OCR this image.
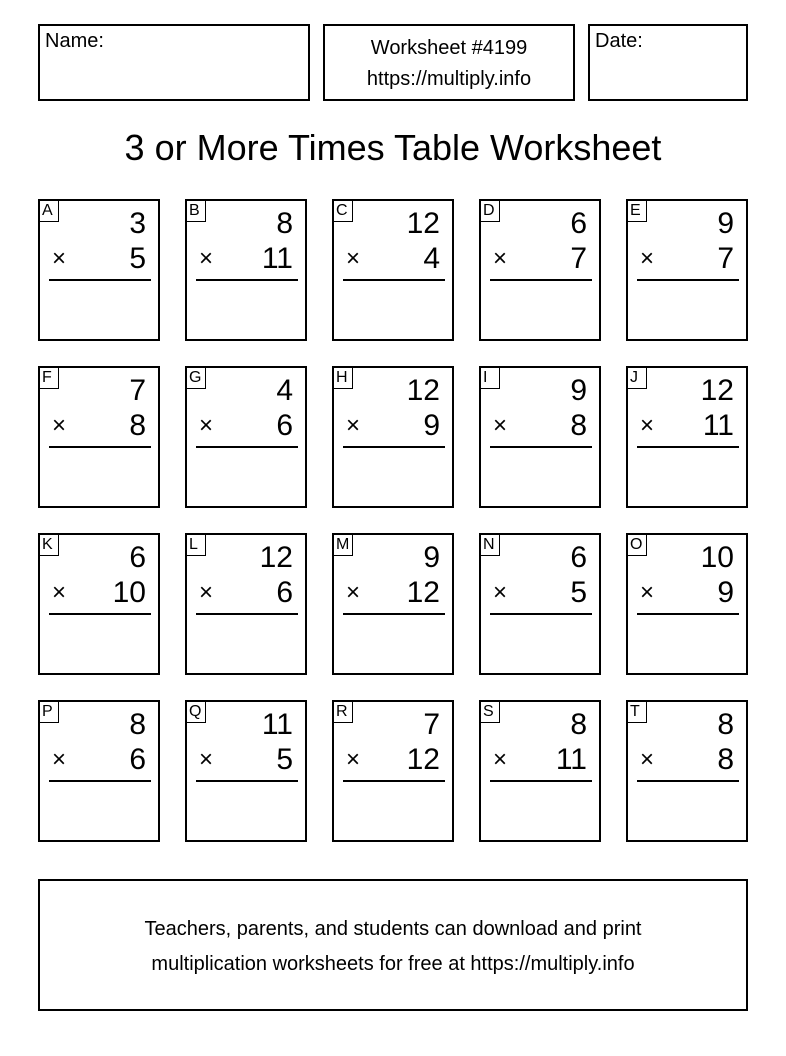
Name:	Worksheet #4199
https://multiply.info
Date:
3 or More Times Table Worksheet
A	3
× 5
B	8
× 11
C 12
× 4
D	6
× 7
E	9
× 7
F	7
× 8
G 4
× 6
H 12
× 9
I	9
× 8
J	12
× 11
K	6
× 10
L 12
× 6
M 9
× 12
N	6
× 5
O 10
× 9
P	8
× 6
Q 11
× 5
R	7
× 12
S	8
× 11
T	8
× 8
Teachers, parents, and students can download and print
multiplication worksheets for free at https://multiply.info
